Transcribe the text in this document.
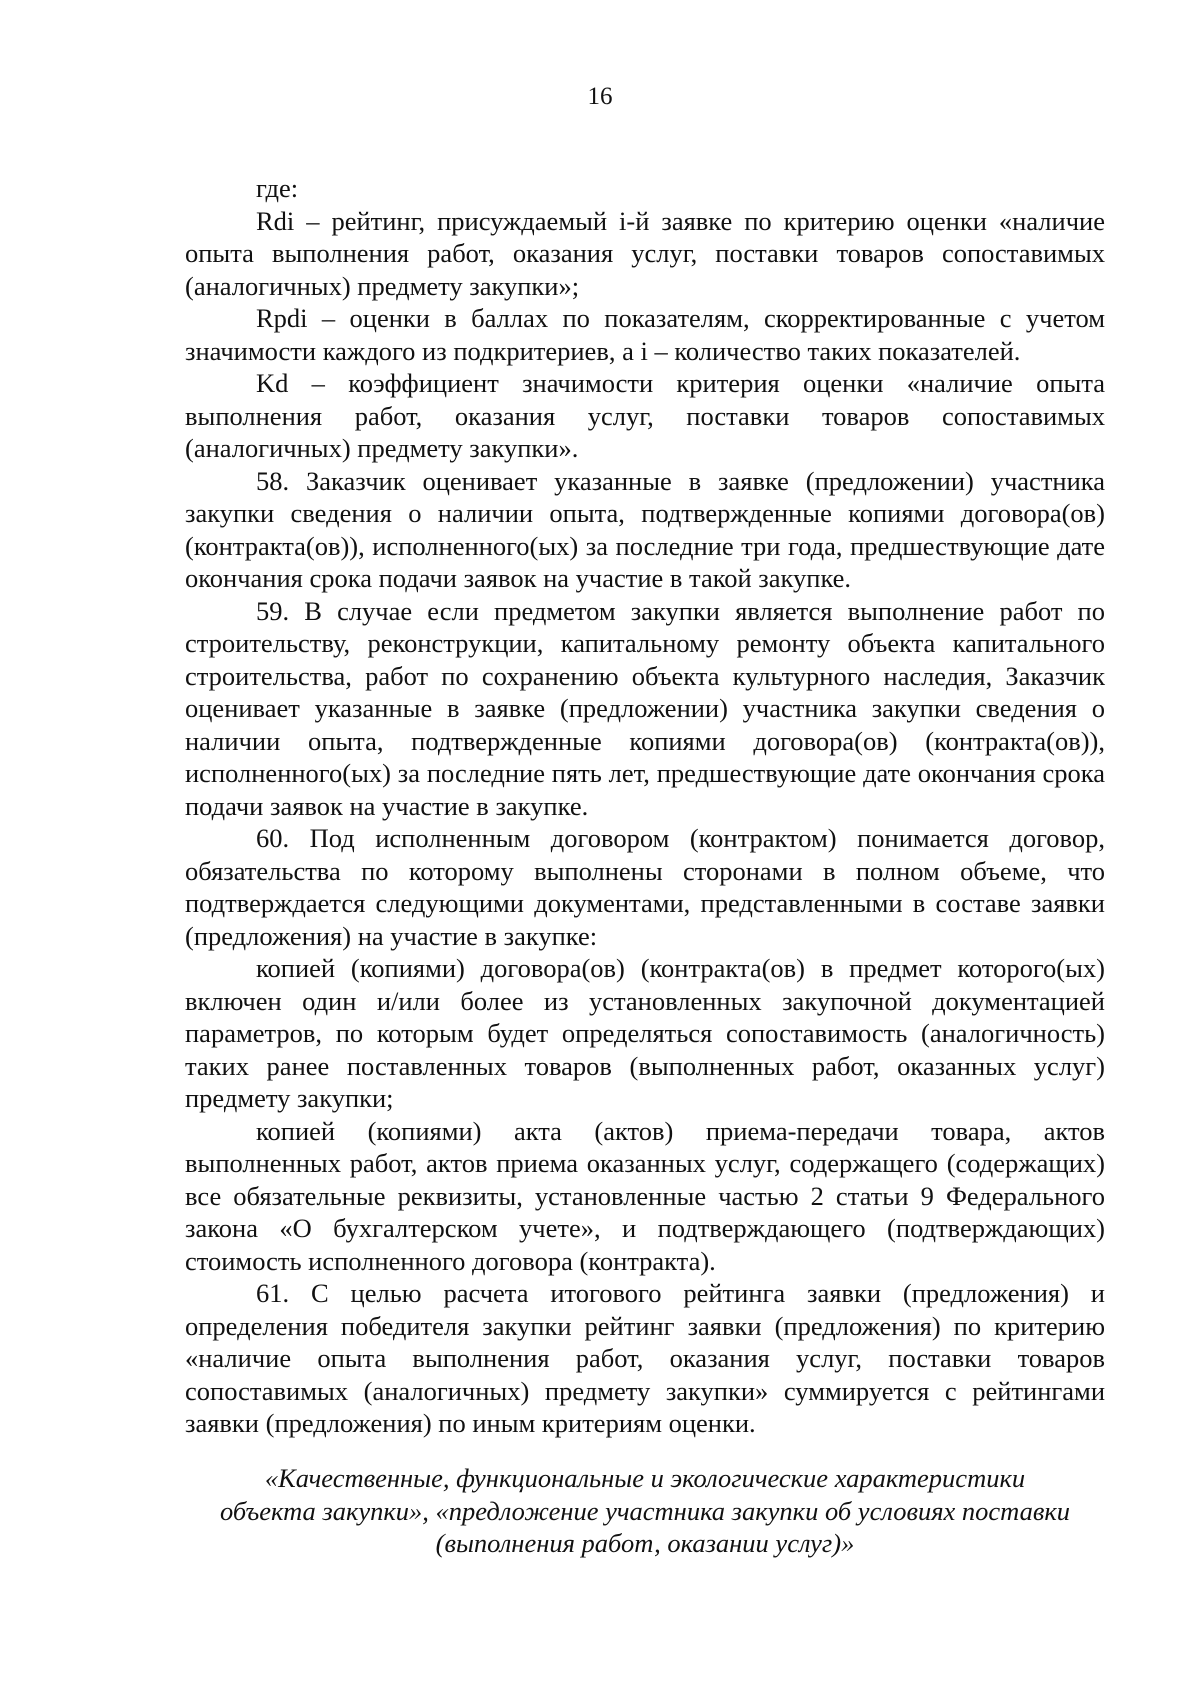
16

где:

Rdi – рейтинг, присуждаемый i-й заявке по критерию оценки «наличие опыта выполнения работ, оказания услуг, поставки товаров сопоставимых (аналогичных) предмету закупки»;

Rpdi – оценки в баллах по показателям, скорректированные с учетом значимости каждого из подкритериев, а i – количество таких показателей.

Kd – коэффициент значимости критерия оценки «наличие опыта выполнения работ, оказания услуг, поставки товаров сопоставимых (аналогичных) предмету закупки».

58. Заказчик оценивает указанные в заявке (предложении) участника закупки сведения о наличии опыта, подтвержденные копиями договора(ов) (контракта(ов)), исполненного(ых) за последние три года, предшествующие дате окончания срока подачи заявок на участие в такой закупке.

59. В случае если предметом закупки является выполнение работ по строительству, реконструкции, капитальному ремонту объекта капитального строительства, работ по сохранению объекта культурного наследия, Заказчик оценивает указанные в заявке (предложении) участника закупки сведения о наличии опыта, подтвержденные копиями договора(ов) (контракта(ов)), исполненного(ых) за последние пять лет, предшествующие дате окончания срока подачи заявок на участие в закупке.

60. Под исполненным договором (контрактом) понимается договор, обязательства по которому выполнены сторонами в полном объеме, что подтверждается следующими документами, представленными в составе заявки (предложения) на участие в закупке:

копией (копиями) договора(ов) (контракта(ов) в предмет которого(ых) включен один и/или более из установленных закупочной документацией параметров, по которым будет определяться сопоставимость (аналогичность) таких ранее поставленных товаров (выполненных работ, оказанных услуг) предмету закупки;

копией (копиями) акта (актов) приема-передачи товара, актов выполненных работ, актов приема оказанных услуг, содержащего (содержащих) все обязательные реквизиты, установленные частью 2 статьи 9 Федерального закона «О бухгалтерском учете», и подтверждающего (подтверждающих) стоимость исполненного договора (контракта).

61. С целью расчета итогового рейтинга заявки (предложения) и определения победителя закупки рейтинг заявки (предложения) по критерию «наличие опыта выполнения работ, оказания услуг, поставки товаров сопоставимых (аналогичных) предмету закупки» суммируется с рейтингами заявки (предложения) по иным критериям оценки.

«Качественные, функциональные и экологические характеристики
объекта закупки», «предложение участника закупки об условиях поставки
(выполнения работ, оказании услуг)»
